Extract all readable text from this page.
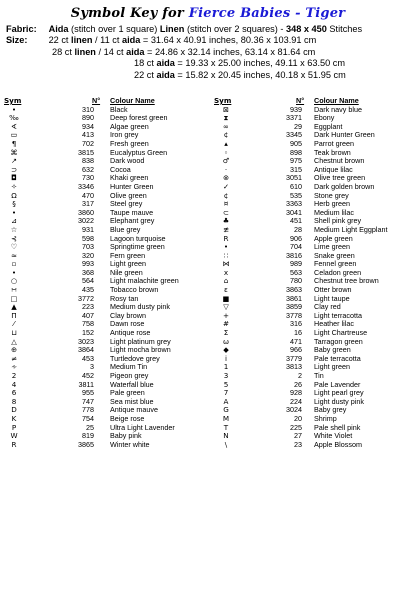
Symbol Key for Fierce Babies - Tiger
Fabric: Aida (stitch over 1 square) Linen (stitch over 2 squares) - 348 x 450 Stitches
Size: 22 ct linen / 11 ct aida = 31.64 x 40.91 inches, 80.36 x 103.91 cm
28 ct linen / 14 ct aida = 24.86 x 32.14 inches, 63.14 x 81.64 cm
18 ct aida = 19.33 x 25.00 inches, 49.11 x 63.50 cm
22 ct aida = 15.82 x 20.45 inches, 40.18 x 51.95 cm
Sym	N°	Colour Name
•	310 Black
‰	890 Deep forest green
∢	934 Algae green
▭	413 Iron grey
¶	702 Fresh green
⌘	3815 Eucalyptus Green
↗	838 Dark wood
⊃	632 Cocoa
◘	730 Khaki green
✧	3346 Hunter Green
Ω	470 Olive green
§	317 Steel grey
•	3860 Taupe mauve
⊿	3022 Elephant grey
☆	931 Blue grey
⊰	598 Lagoon turquoise
♡	703 Springtime green
≈	320 Fern green
▫	993 Light green
•	368 Nile green
○	564 Light malachite green
∺	435 Tobacco brown
□	3772 Rosy tan
▲	223 Medium dusty pink
Π	407 Clay brown
⁄	758 Dawn rose
⊔	152 Antique rose
△	3023 Light platinum grey
⊕	3864 Light mocha brown
≠	453 Turtledove grey
∻	3 Medium Tin
2	452 Pigeon grey
4	3811 Waterfall blue
6	955 Pale green
8	747 Sea mist blue
D	778 Antique mauve
K	754 Beige rose
P	25 Ultra Light Lavender
W	819 Baby pink
R	3865 Winter white
Sym	N°	Colour Name
⊠	939 Dark navy blue
⧗	3371 Ebony
∞	29 Eggplant
¢	3345 Dark Hunter Green
▴	905 Parrot green
◦	898 Teak brown
♂	975 Chestnut brown
·	315 Antique lilac
⊗	3051 Olive tree green
✓	610 Dark golden brown
¢	535 Stone grey
¤	3363 Herb green
⊂	3041 Medium lilac
♣	451 Shell pink grey
≢	28 Medium Light Eggplant
R	906 Apple green
•	704 Lime green
∷	3816 Snake green
⋈	989 Fennel green
x	563 Celadon green
⌂	780 Chestnut tree brown
ε	3863 Otter brown
■	3861 Light taupe
▽	3859 Clay red
+	3778 Light terracotta
#	316 Heather lilac
Σ	16 Light Chartreuse
ω	471 Tarragon green
◆	966 Baby green
i	3779 Pale terracotta
1	3813 Light green
3	2 Tin
5	26 Pale Lavender
7	928 Light pearl grey
A	224 Light dusty pink
G	3024 Baby grey
M	20 Shrimp
T	225 Pale shell pink
N	27 White Violet
\	23 Apple Blossom
